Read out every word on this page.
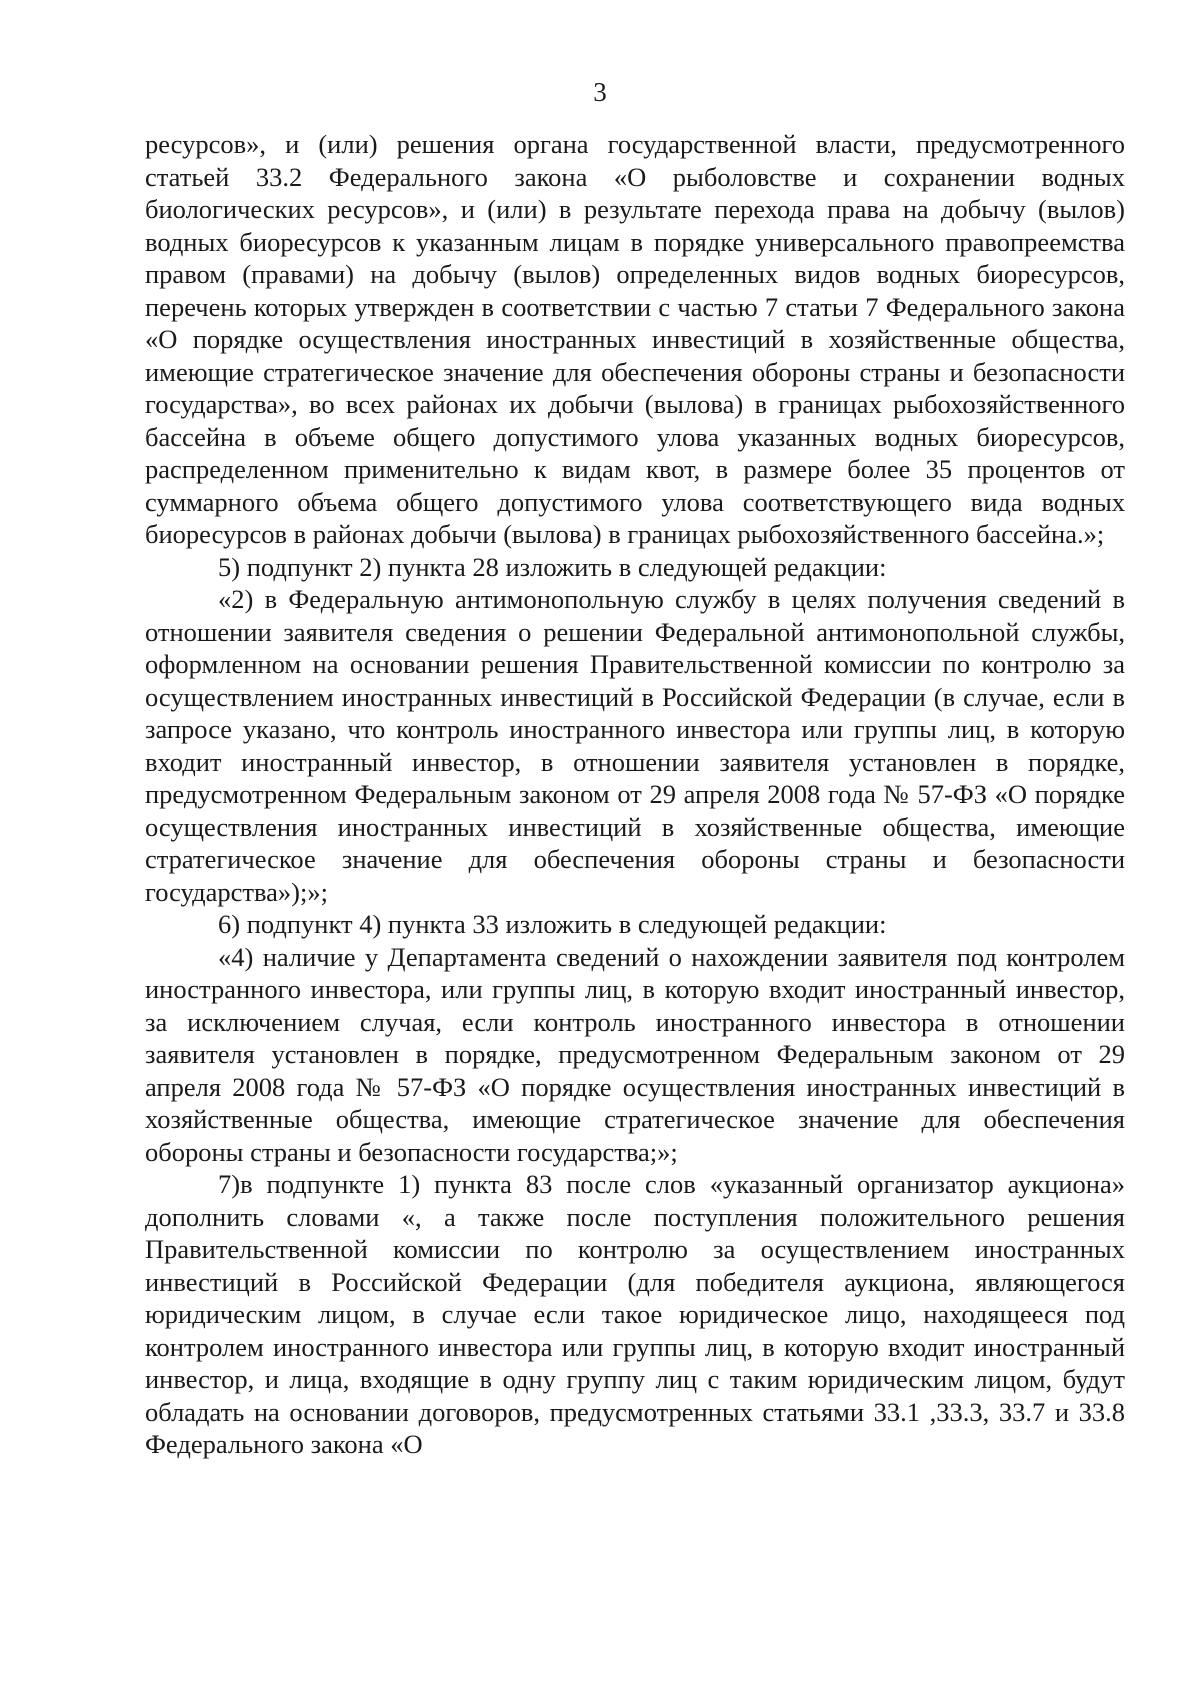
3

ресурсов», и (или) решения органа государственной власти, предусмотренного статьей 33.2 Федерального закона «О рыболовстве и сохранении водных биологических ресурсов», и (или) в результате перехода права на добычу (вылов) водных биоресурсов к указанным лицам в порядке универсального правопреемства правом (правами) на добычу (вылов) определенных видов водных биоресурсов, перечень которых утвержден в соответствии с частью 7 статьи 7 Федерального закона «О порядке осуществления иностранных инвестиций в хозяйственные общества, имеющие стратегическое значение для обеспечения обороны страны и безопасности государства», во всех районах их добычи (вылова) в границах рыбохозяйственного бассейна в объеме общего допустимого улова указанных водных биоресурсов, распределенном применительно к видам квот, в размере более 35 процентов от суммарного объема общего допустимого улова соответствующего вида водных биоресурсов в районах добычи (вылова) в границах рыбохозяйственного бассейна.»;

5) подпункт 2) пункта 28 изложить в следующей редакции:

«2) в Федеральную антимонопольную службу в целях получения сведений в отношении заявителя сведения о решении Федеральной антимонопольной службы, оформленном на основании решения Правительственной комиссии по контролю за осуществлением иностранных инвестиций в Российской Федерации (в случае, если в запросе указано, что контроль иностранного инвестора или группы лиц, в которую входит иностранный инвестор, в отношении заявителя установлен в порядке, предусмотренном Федеральным законом от 29 апреля 2008 года № 57-ФЗ «О порядке осуществления иностранных инвестиций в хозяйственные общества, имеющие стратегическое значение для обеспечения обороны страны и безопасности государства»);»;

6) подпункт 4) пункта 33 изложить в следующей редакции:

«4) наличие у Департамента сведений о нахождении заявителя под контролем иностранного инвестора, или группы лиц, в которую входит иностранный инвестор, за исключением случая, если контроль иностранного инвестора в отношении заявителя установлен в порядке, предусмотренном Федеральным законом от 29 апреля 2008 года № 57-ФЗ «О порядке осуществления иностранных инвестиций в хозяйственные общества, имеющие стратегическое значение для обеспечения обороны страны и безопасности государства;»;

7)в подпункте 1) пункта 83 после слов «указанный организатор аукциона» дополнить словами «, а также после поступления положительного решения Правительственной комиссии по контролю за осуществлением иностранных инвестиций в Российской Федерации (для победителя аукциона, являющегося юридическим лицом, в случае если такое юридическое лицо, находящееся под контролем иностранного инвестора или группы лиц, в которую входит иностранный инвестор, и лица, входящие в одну группу лиц с таким юридическим лицом, будут обладать на основании договоров, предусмотренных статьями 33.1 ,33.3, 33.7 и 33.8 Федерального закона «О
